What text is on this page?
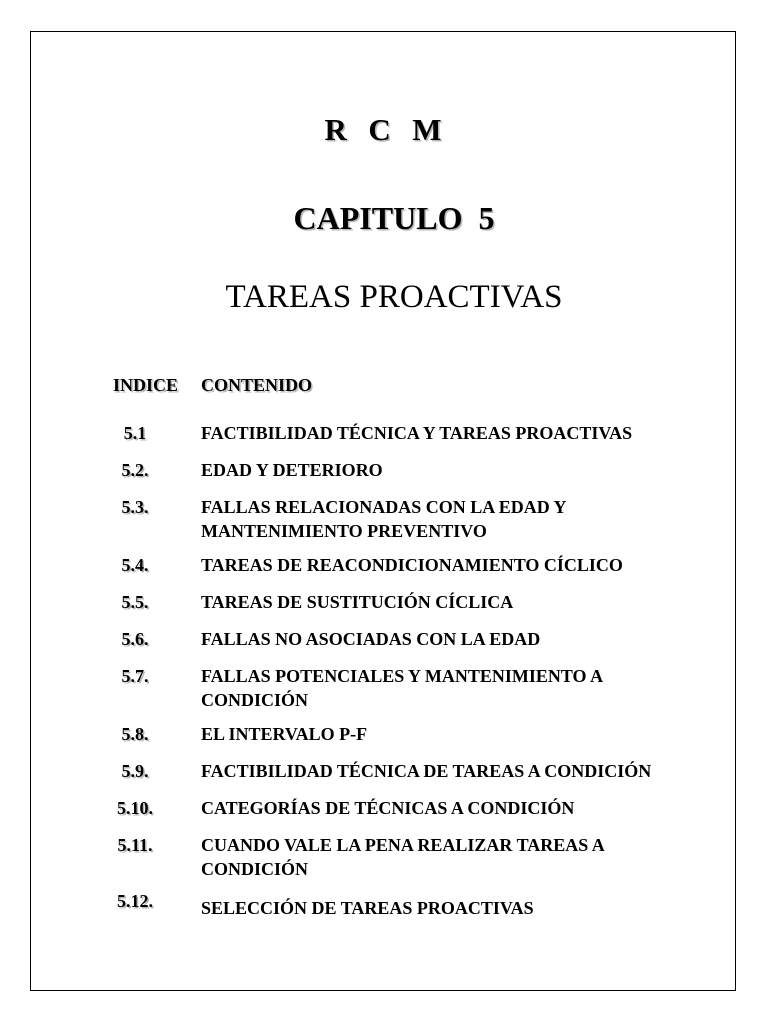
R  C  M
CAPITULO  5
TAREAS PROACTIVAS
INDICE CONTENIDO
5.1	FACTIBILIDAD TÉCNICA Y TAREAS PROACTIVAS
5.2.	EDAD Y DETERIORO
5.3.	FALLAS RELACIONADAS CON LA EDAD Y MANTENIMIENTO PREVENTIVO
5.4.	TAREAS DE REACONDICIONAMIENTO CÍCLICO
5.5.	TAREAS DE SUSTITUCIÓN CÍCLICA
5.6.	FALLAS NO ASOCIADAS CON LA EDAD
5.7.	FALLAS POTENCIALES Y MANTENIMIENTO A CONDICIÓN
5.8.	EL INTERVALO P-F
5.9.	FACTIBILIDAD TÉCNICA DE TAREAS A CONDICIÓN
5.10.	CATEGORÍAS DE TÉCNICAS A CONDICIÓN
5.11.	CUANDO VALE LA PENA REALIZAR TAREAS A CONDICIÓN
5.12.	SELECCIÓN DE TAREAS PROACTIVAS
